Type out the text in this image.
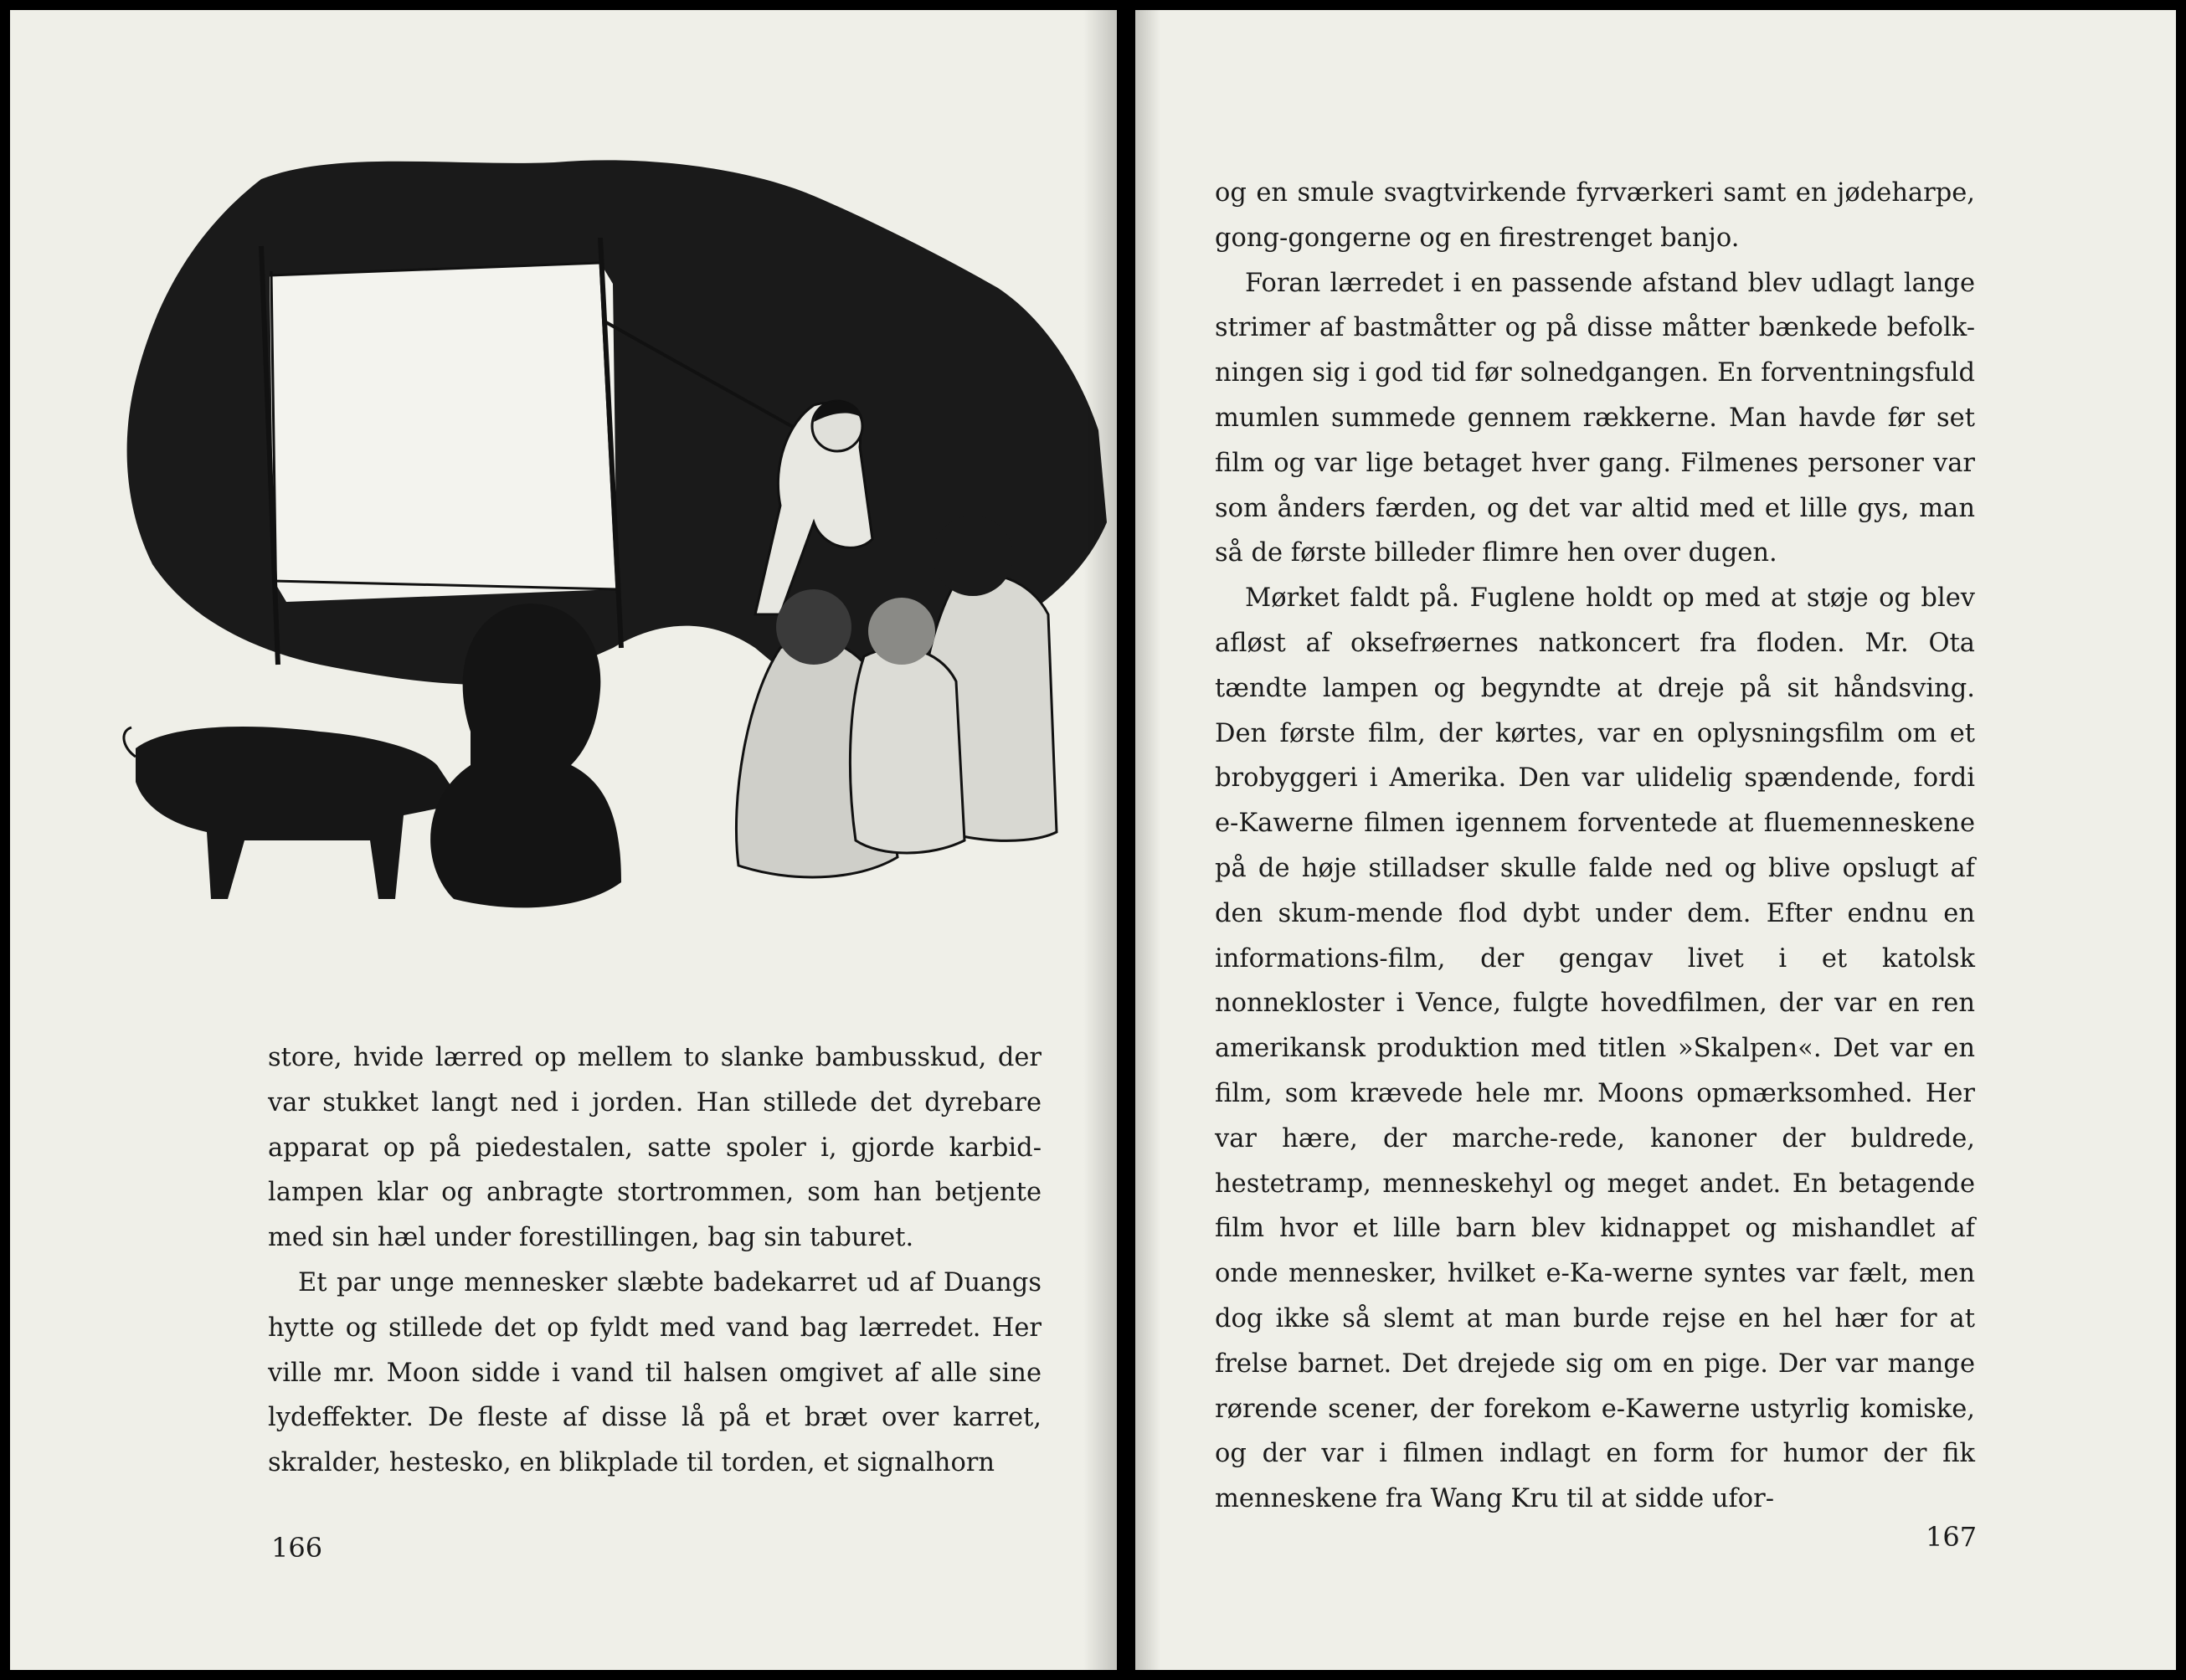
store, hvide lærred op mellem to slanke bambusskud, der var stukket langt ned i jorden. Han stillede det dyrebare apparat op på piedestalen, satte spoler i, gjorde karbid-lampen klar og anbragte stortrommen, som han betjente med sin hæl under forestillingen, bag sin taburet.

Et par unge mennesker slæbte badekarret ud af Duangs hytte og stillede det op fyldt med vand bag lærredet. Her ville mr. Moon sidde i vand til halsen omgivet af alle sine lydeffekter. De fleste af disse lå på et bræt over karret, skralder, hestesko, en blikplade til torden, et signalhorn

166

og en smule svagtvirkende fyrværkeri samt en jødeharpe, gong-gongerne og en firestrenget banjo.

Foran lærredet i en passende afstand blev udlagt lange strimer af bastmåtter og på disse måtter bænkede befolk-ningen sig i god tid før solnedgangen. En forventningsfuld mumlen summede gennem rækkerne. Man havde før set film og var lige betaget hver gang. Filmenes personer var som ånders færden, og det var altid med et lille gys, man så de første billeder flimre hen over dugen.

Mørket faldt på. Fuglene holdt op med at støje og blev afløst af oksefrøernes natkoncert fra floden. Mr. Ota tændte lampen og begyndte at dreje på sit håndsving. Den første film, der kørtes, var en oplysningsfilm om et brobyggeri i Amerika. Den var ulidelig spændende, fordi e-Kawerne filmen igennem forventede at fluemenneskene på de høje stilladser skulle falde ned og blive opslugt af den skum-mende flod dybt under dem. Efter endnu en informations-film, der gengav livet i et katolsk nonnekloster i Vence, fulgte hovedfilmen, der var en ren amerikansk produktion med titlen »Skalpen«. Det var en film, som krævede hele mr. Moons opmærksomhed. Her var hære, der marche-rede, kanoner der buldrede, hestetramp, menneskehyl og meget andet. En betagende film hvor et lille barn blev kidnappet og mishandlet af onde mennesker, hvilket e-Ka-werne syntes var fælt, men dog ikke så slemt at man burde rejse en hel hær for at frelse barnet. Det drejede sig om en pige. Der var mange rørende scener, der forekom e-Kawerne ustyrlig komiske, og der var i filmen indlagt en form for humor der fik menneskene fra Wang Kru til at sidde ufor-

167
